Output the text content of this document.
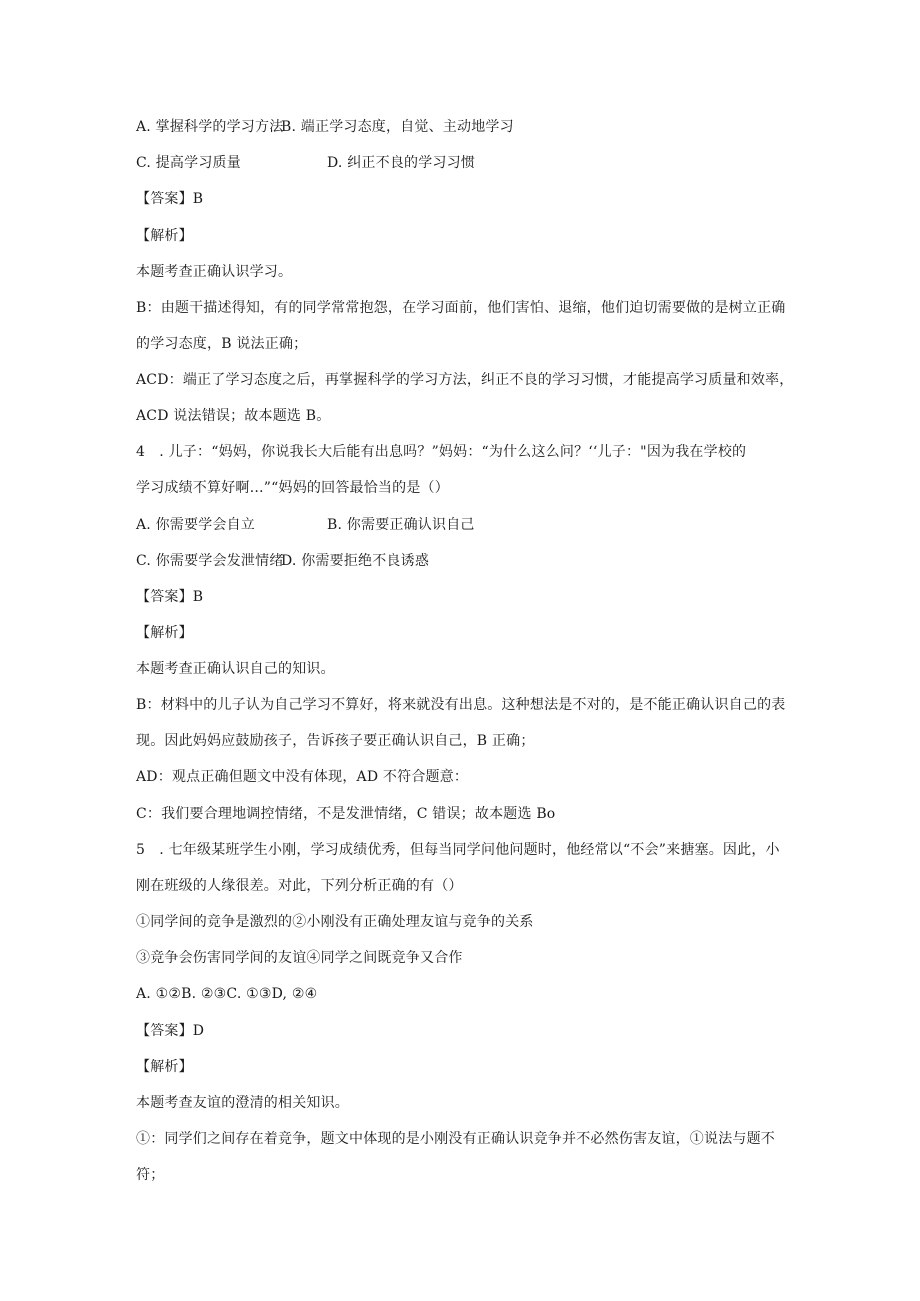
A. 掌握科学的学习方法
B. 端正学习态度，自觉、主动地学习
C. 提高学习质量	D. 纠正不良的学习习惯
【答案】B
【解析】
本题考查正确认识学习。
B：由题干描述得知，有的同学常常抱怨，在学习面前，他们害怕、退缩，他们迫切需要做的是树立正确
的学习态度，B 说法正确；
ACD：端正了学习态度之后，再掌握科学的学习方法，纠正不良的学习习惯，才能提高学习质量和效率，
ACD 说法错误；故本题选 B。
4　. 儿子：“妈妈，你说我长大后能有出息吗？”妈妈：“为什么这么问？‘‘儿子："因为我在学校的
学习成绩不算好啊…”“妈妈的回答最恰当的是（）
A. 你需要学会自立	B. 你需要正确认识自己
C. 你需要学会发泄情绪
D. 你需要拒绝不良诱惑
【答案】B
【解析】
本题考查正确认识自己的知识。
B：材料中的儿子认为自己学习不算好，将来就没有出息。这种想法是不对的，是不能正确认识自己的表
现。因此妈妈应鼓励孩子，告诉孩子要正确认识自己，B 正确；
AD：观点正确但题文中没有体现，AD 不符合题意：
C：我们要合理地调控情绪，不是发泄情绪，C 错误；故本题选 Bo
5　. 七年级某班学生小刚，学习成绩优秀，但每当同学问他问题时，他经常以“不会”来搪塞。因此，小
刚在班级的人缘很差。对此，下列分析正确的有（）
①同学间的竞争是激烈的②小刚没有正确处理友谊与竞争的关系
③竞争会伤害同学间的友谊④同学之间既竞争又合作
A. ①②B. ②③C. ①③D, ②④
【答案】D
【解析】
本题考查友谊的澄清的相关知识。
①：同学们之间存在着竞争，题文中体现的是小刚没有正确认识竞争并不必然伤害友谊，①说法与题不
符；
